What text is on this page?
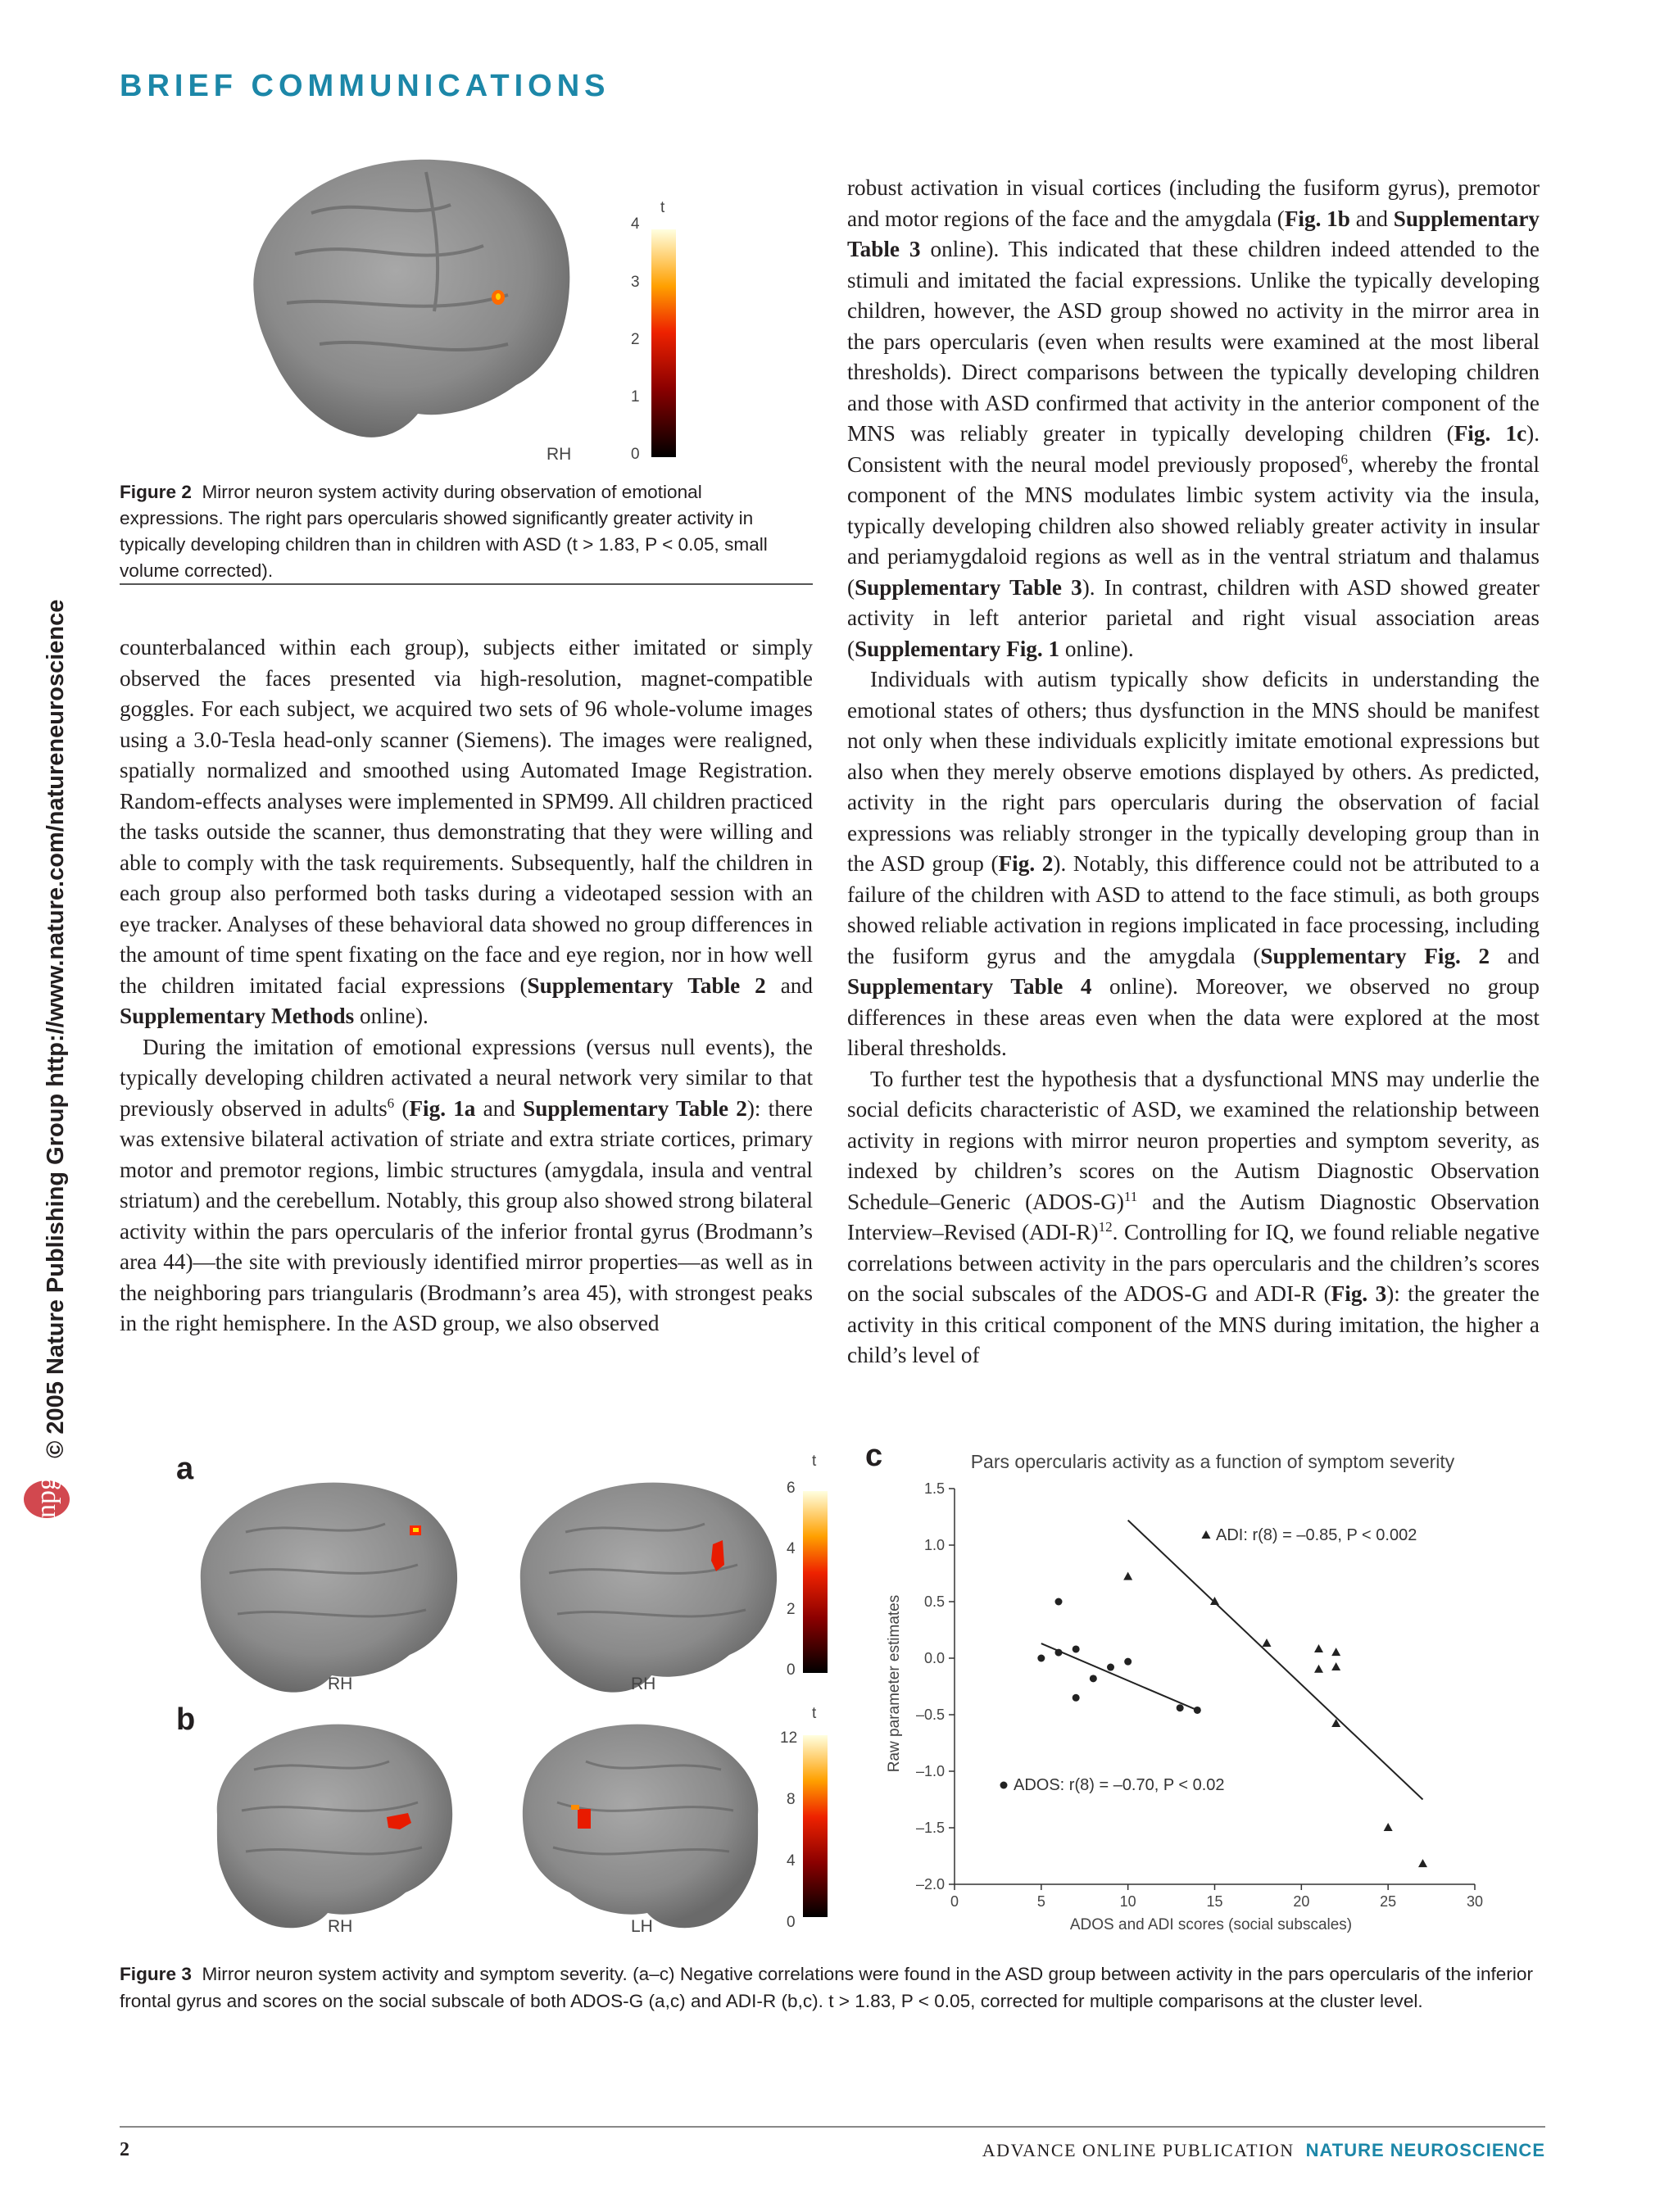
BRIEF COMMUNICATIONS
© 2005 Nature Publishing Group http://www.nature.com/natureneuroscience
npg
t
4
3
2
1
0
RH
Figure 2 Mirror neuron system activity during observation of emotional expressions. The right pars opercularis showed significantly greater activity in typically developing children than in children with ASD (t > 1.83, P < 0.05, small volume corrected).

counterbalanced within each group), subjects either imitated or simply observed the faces presented via high-resolution, magnet-compatible goggles. For each subject, we acquired two sets of 96 whole-volume images using a 3.0-Tesla head-only scanner (Siemens). The images were realigned, spatially normalized and smoothed using Automated Image Registration. Random-effects analyses were implemented in SPM99. All children practiced the tasks outside the scanner, thus demonstrating that they were willing and able to comply with the task requirements. Subsequently, half the children in each group also performed both tasks during a videotaped session with an eye tracker. Analyses of these behavioral data showed no group differences in the amount of time spent fixating on the face and eye region, nor in how well the children imitated facial expressions (Supplementary Table 2 and Supplementary Methods online).

During the imitation of emotional expressions (versus null events), the typically developing children activated a neural network very similar to that previously observed in adults$^6$ (Fig. 1a and Supplementary Table 2): there was extensive bilateral activation of striate and extra striate cortices, primary motor and premotor regions, limbic structures (amygdala, insula and ventral striatum) and the cerebellum. Notably, this group also showed strong bilateral activity within the pars opercularis of the inferior frontal gyrus (Brodmann’s area 44)—the site with previously identified mirror properties—as well as in the neighboring pars triangularis (Brodmann’s area 45), with strongest peaks in the right hemisphere. In the ASD group, we also observed

robust activation in visual cortices (including the fusiform gyrus), premotor and motor regions of the face and the amygdala (Fig. 1b and Supplementary Table 3 online). This indicated that these children indeed attended to the stimuli and imitated the facial expressions. Unlike the typically developing children, however, the ASD group showed no activity in the mirror area in the pars opercularis (even when results were examined at the most liberal thresholds). Direct comparisons between the typically developing children and those with ASD confirmed that activity in the anterior component of the MNS was reliably greater in typically developing children (Fig. 1c). Consistent with the neural model previously proposed$^6$, whereby the frontal component of the MNS modulates limbic system activity via the insula, typically developing children also showed reliably greater activity in insular and periamygdaloid regions as well as in the ventral striatum and thalamus (Supplementary Table 3). In contrast, children with ASD showed greater activity in left anterior parietal and right visual association areas (Supplementary Fig. 1 online).

Individuals with autism typically show deficits in understanding the emotional states of others; thus dysfunction in the MNS should be manifest not only when these individuals explicitly imitate emotional expressions but also when they merely observe emotions displayed by others. As predicted, activity in the right pars opercularis during the observation of facial expressions was reliably stronger in the typically developing group than in the ASD group (Fig. 2). Notably, this difference could not be attributed to a failure of the children with ASD to attend to the face stimuli, as both groups showed reliable activation in regions implicated in face processing, including the fusiform gyrus and the amygdala (Supplementary Fig. 2 and Supplementary Table 4 online). Moreover, we observed no group differences in these areas even when the data were explored at the most liberal thresholds.

To further test the hypothesis that a dysfunctional MNS may underlie the social deficits characteristic of ASD, we examined the relationship between activity in regions with mirror neuron properties and symptom severity, as indexed by children’s scores on the Autism Diagnostic Observation Schedule–Generic (ADOS-G)$^{11}$ and the Autism Diagnostic Observation Interview–Revised $(ADI-R)^{12}$. Controlling for IQ, we found reliable negative correlations between activity in the pars opercularis and the children’s scores on the social subscales of the ADOS-G and ADI-R (Fig. 3): the greater the activity in this critical component of the MNS during imitation, the higher a child’s level of

a
b
RH	RH
RH	LH
t
6
4
2
0
t
12
8
4
0
c	Pars opercularis activity as a function of symptom severity
ADOS and ADI scores (social subscales)
Raw parameter estimates
0	5	10	15	20	25	30
1.5
1.0
0.5
0.0
–0.5
–1.0
–1.5
–2.0
ADI: r(8) = –0.85, P < 0.002
ADOS: r(8) = –0.70, P < 0.02
Figure 3 Mirror neuron system activity and symptom severity. (a–c) Negative correlations were found in the ASD group between activity in the pars opercularis of the inferior frontal gyrus and scores on the social subscale of both ADOS-G (a,c) and ADI-R (b,c). t > 1.83, P < 0.05, corrected for multiple comparisons at the cluster level.
2	ADVANCE ONLINE PUBLICATION  NATURE NEUROSCIENCE
